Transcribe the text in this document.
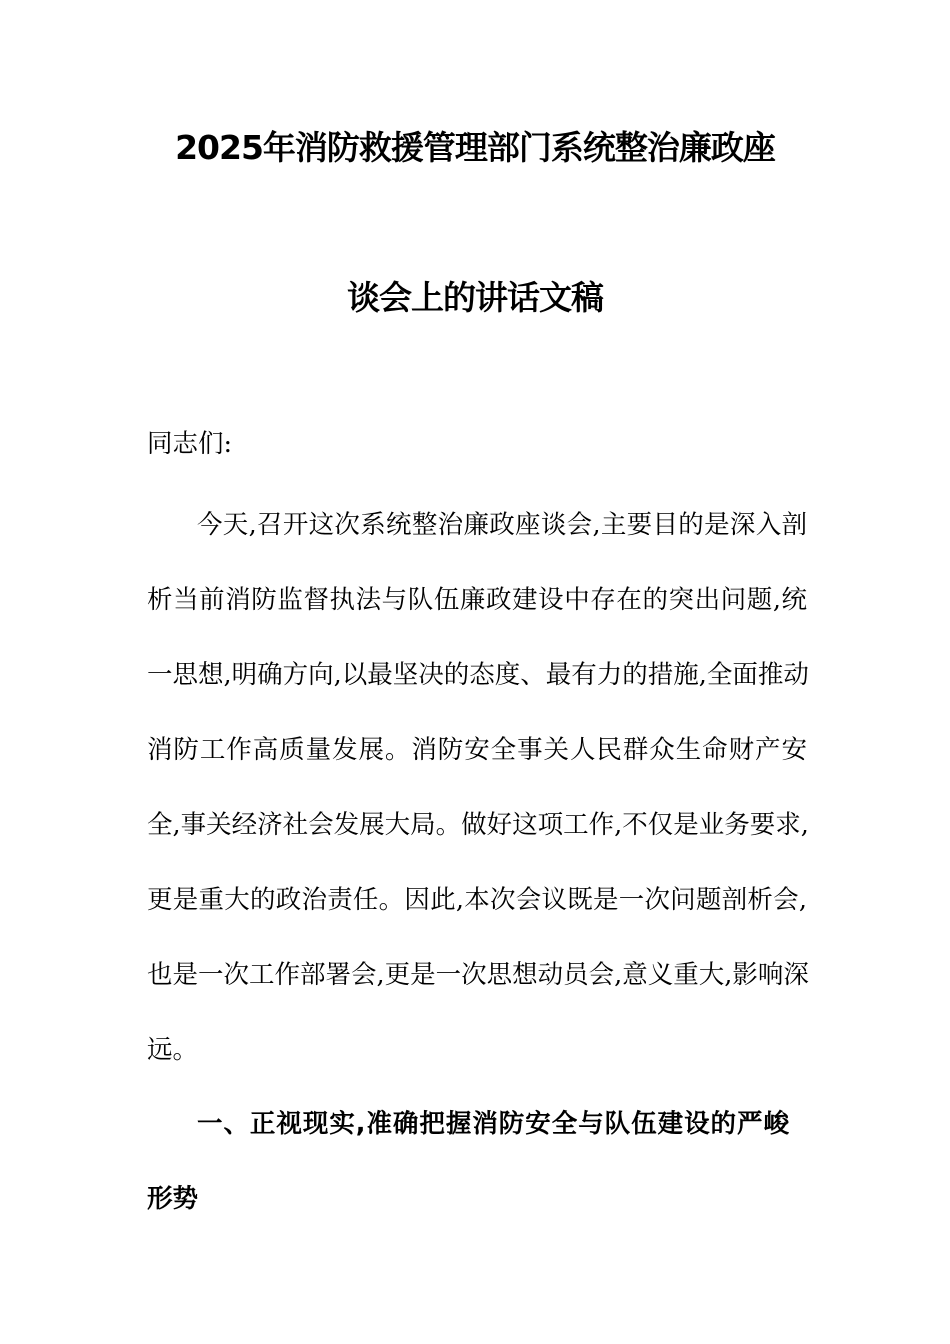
2025年消防救援管理部门系统整治廉政座
谈会上的讲话文稿
同志们:
今天,召开这次系统整治廉政座谈会,主要目的是深入剖
析当前消防监督执法与队伍廉政建设中存在的突出问题,统
一思想,明确方向,以最坚决的态度、最有力的措施,全面推动
消防工作高质量发展。消防安全事关人民群众生命财产安
全,事关经济社会发展大局。做好这项工作,不仅是业务要求,
更是重大的政治责任。因此,本次会议既是一次问题剖析会,
也是一次工作部署会,更是一次思想动员会,意义重大,影响深
远。
一、正视现实,准确把握消防安全与队伍建设的严峻
形势
